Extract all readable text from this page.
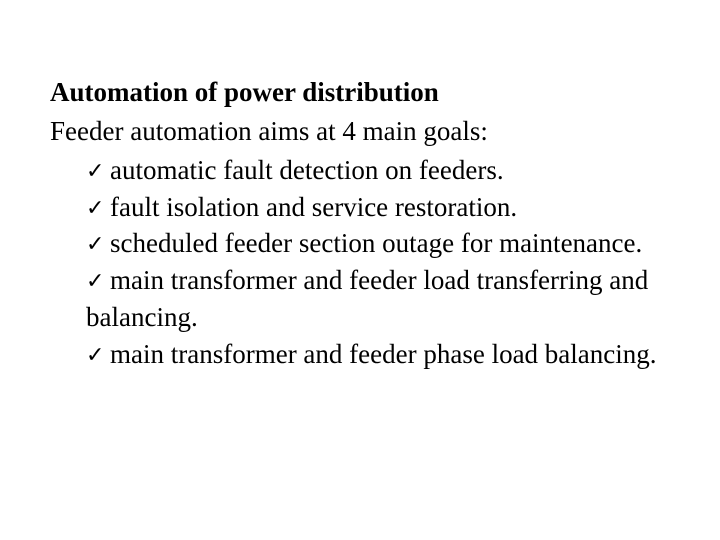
Automation of power distribution
Feeder automation aims at 4 main goals:
✓ automatic fault detection on feeders.
✓ fault isolation and service restoration.
✓ scheduled feeder section outage for maintenance.
✓ main transformer and feeder load transferring and balancing.
✓ main transformer and feeder phase load balancing.
